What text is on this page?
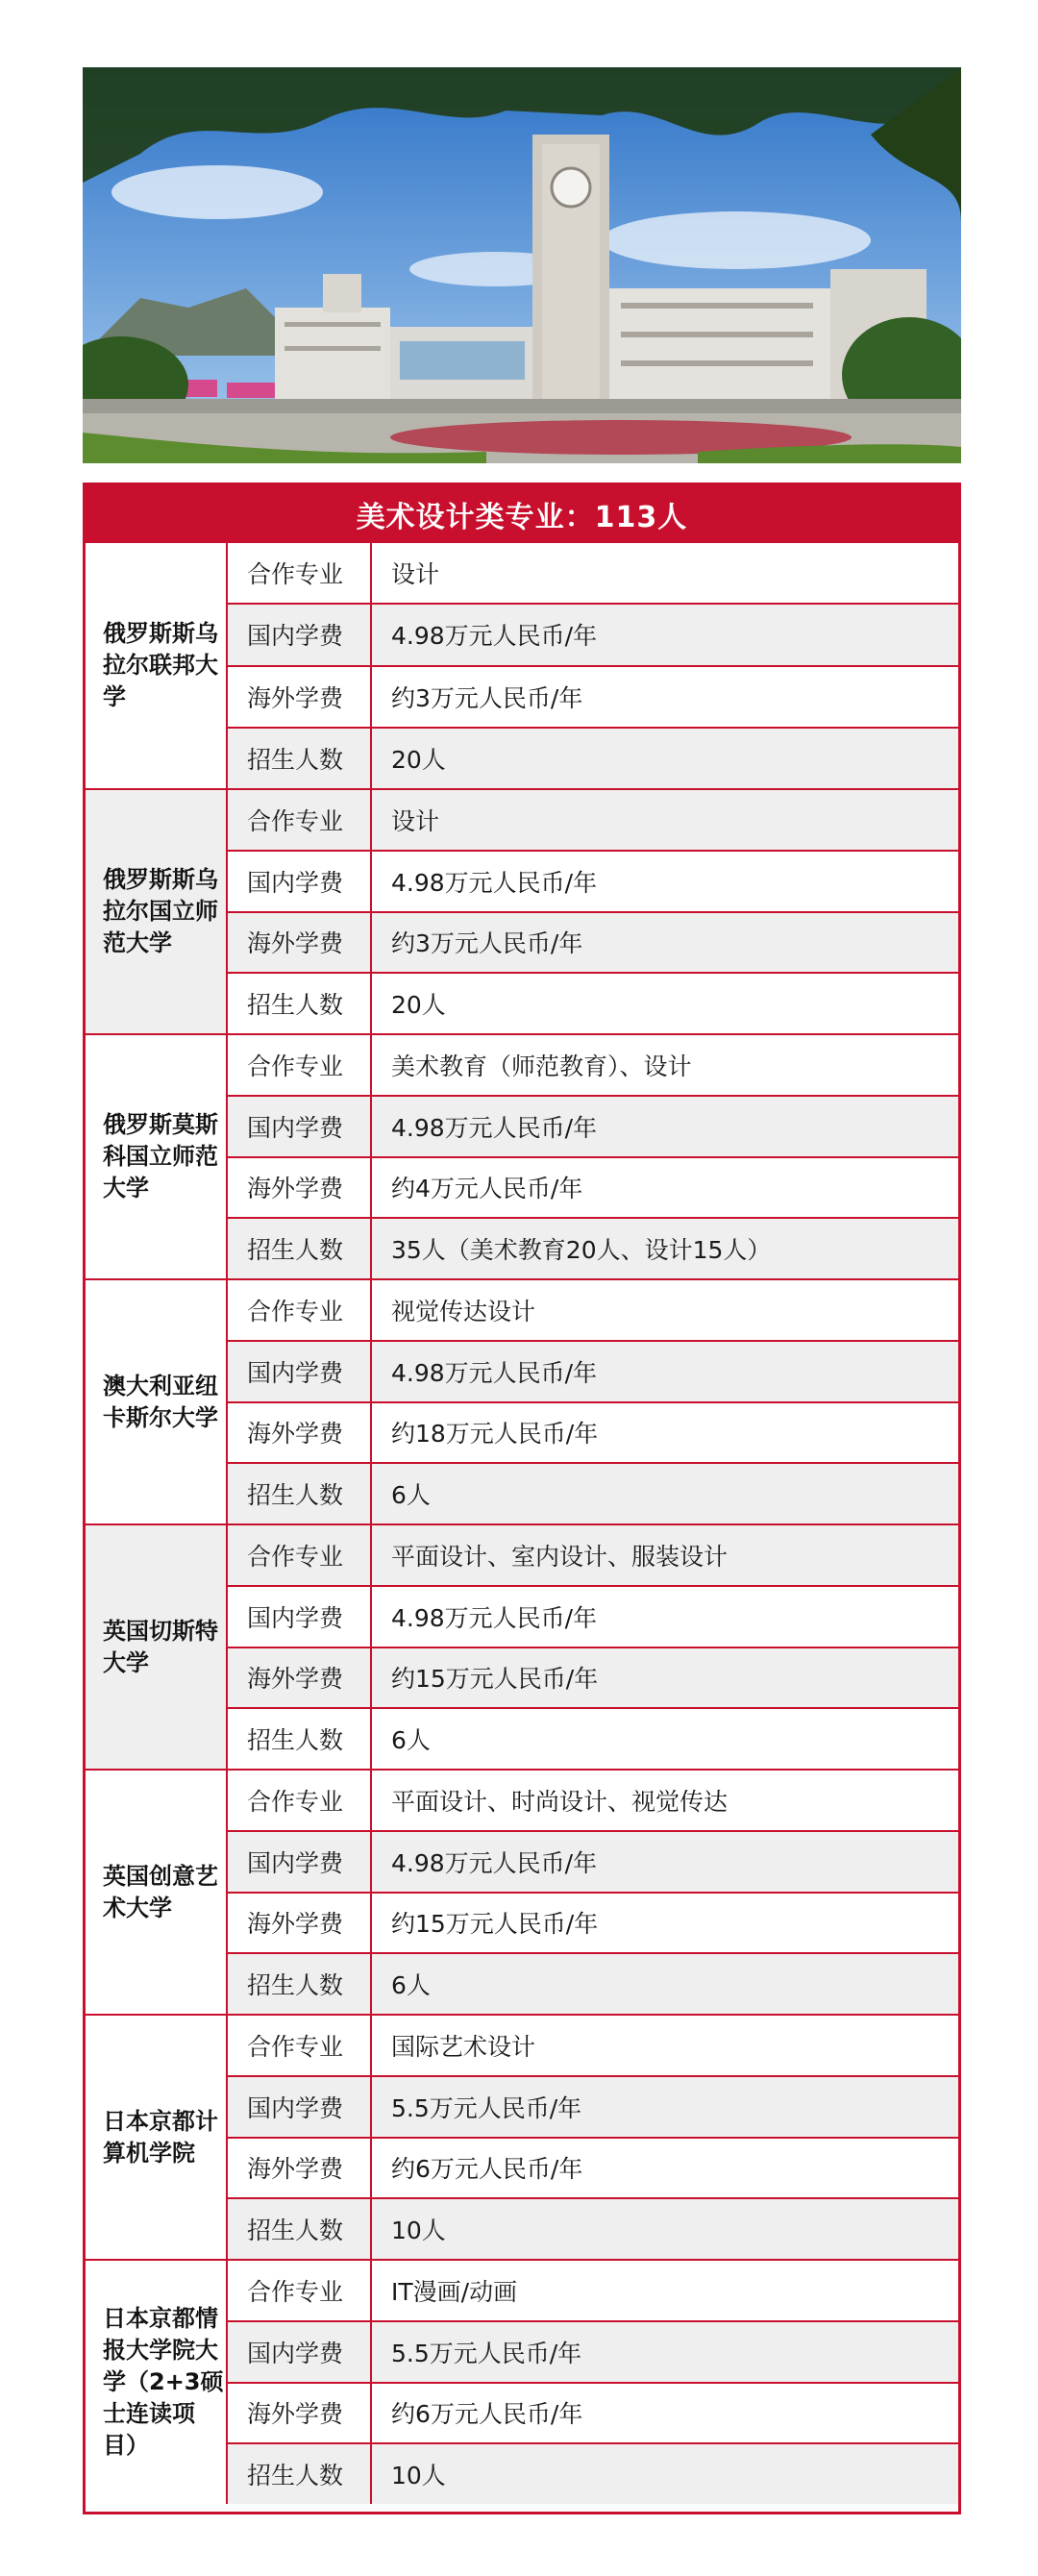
美术设计类专业：113人
俄罗斯斯乌拉尔联邦大学
合作专业	设计
国内学费	4.98万元人民币/年
海外学费	约3万元人民币/年
招生人数	20人
俄罗斯斯乌拉尔国立师范大学
合作专业	设计
国内学费	4.98万元人民币/年
海外学费	约3万元人民币/年
招生人数	20人
俄罗斯莫斯科国立师范大学
合作专业	美术教育（师范教育）、设计
国内学费	4.98万元人民币/年
海外学费	约4万元人民币/年
招生人数	35人（美术教育20人、设计15人）
澳大利亚纽卡斯尔大学
合作专业	视觉传达设计
国内学费	4.98万元人民币/年
海外学费	约18万元人民币/年
招生人数	6人
英国切斯特大学
合作专业	平面设计、室内设计、服装设计
国内学费	4.98万元人民币/年
海外学费	约15万元人民币/年
招生人数	6人
英国创意艺术大学
合作专业	平面设计、时尚设计、视觉传达
国内学费	4.98万元人民币/年
海外学费	约15万元人民币/年
招生人数	6人
日本京都计算机学院
合作专业	国际艺术设计
国内学费	5.5万元人民币/年
海外学费	约6万元人民币/年
招生人数	10人
日本京都情报大学院大学（2+3硕士连读项目）
合作专业	IT漫画/动画
国内学费	5.5万元人民币/年
海外学费	约6万元人民币/年
招生人数	10人
